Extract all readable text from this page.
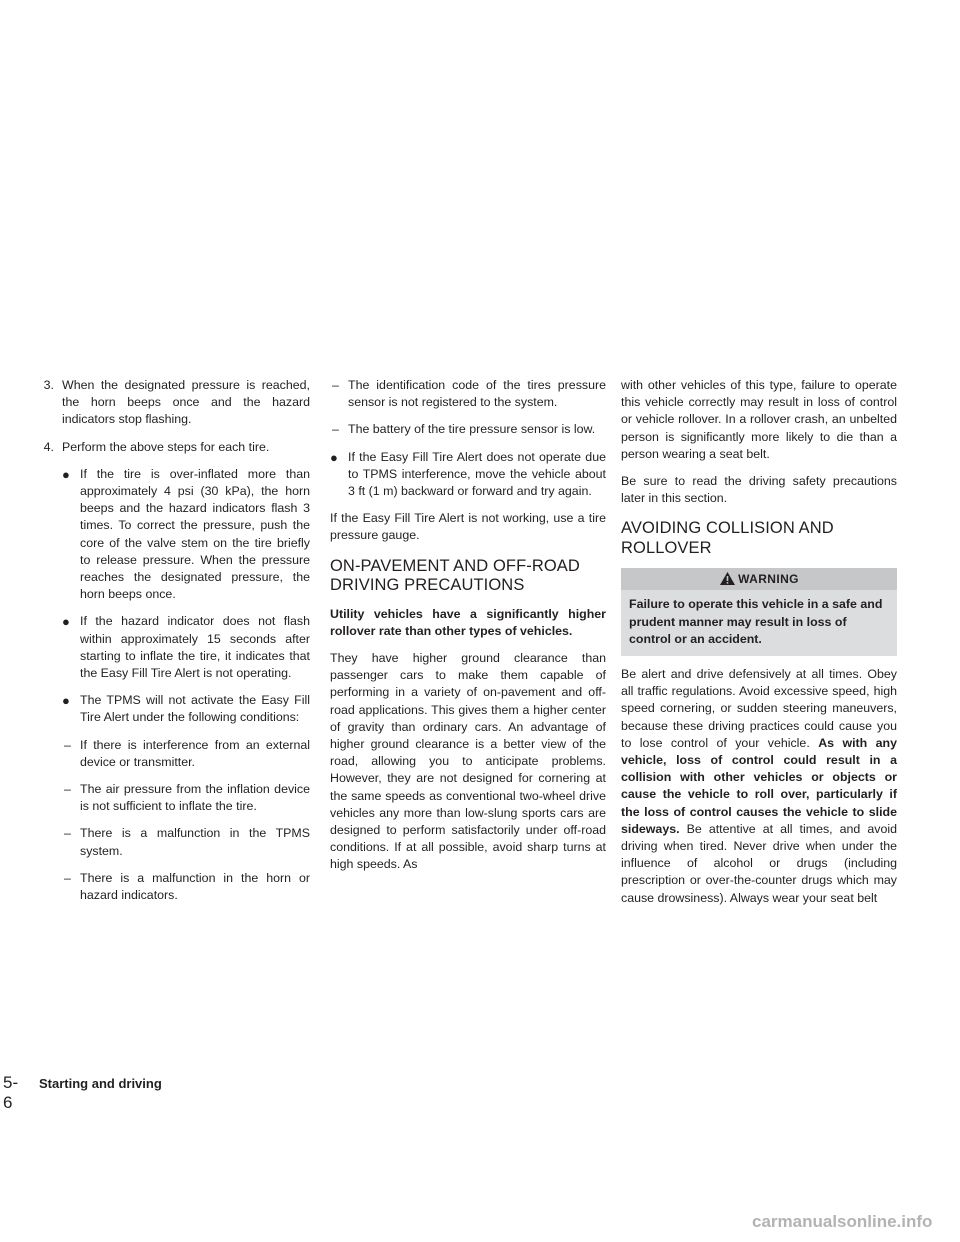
3. When the designated pressure is reached, the horn beeps once and the hazard indicators stop flashing.
4. Perform the above steps for each tire.
● If the tire is over-inflated more than approximately 4 psi (30 kPa), the horn beeps and the hazard indicators flash 3 times. To correct the pressure, push the core of the valve stem on the tire briefly to release pressure. When the pressure reaches the designated pressure, the horn beeps once.
● If the hazard indicator does not flash within approximately 15 seconds after starting to inflate the tire, it indicates that the Easy Fill Tire Alert is not operating.
● The TPMS will not activate the Easy Fill Tire Alert under the following conditions:
– If there is interference from an external device or transmitter.
– The air pressure from the inflation device is not sufficient to inflate the tire.
– There is a malfunction in the TPMS system.
– There is a malfunction in the horn or hazard indicators.
– The identification code of the tires pressure sensor is not registered to the system.
– The battery of the tire pressure sensor is low.
● If the Easy Fill Tire Alert does not operate due to TPMS interference, move the vehicle about 3 ft (1 m) backward or forward and try again.

If the Easy Fill Tire Alert is not working, use a tire pressure gauge.

ON-PAVEMENT AND OFF-ROAD DRIVING PRECAUTIONS

Utility vehicles have a significantly higher rollover rate than other types of vehicles.

They have higher ground clearance than passenger cars to make them capable of performing in a variety of on-pavement and off-road applications. This gives them a higher center of gravity than ordinary cars. An advantage of higher ground clearance is a better view of the road, allowing you to anticipate problems. However, they are not designed for cornering at the same speeds as conventional two-wheel drive vehicles any more than low-slung sports cars are designed to perform satisfactorily under off-road conditions. If at all possible, avoid sharp turns at high speeds. As

with other vehicles of this type, failure to operate this vehicle correctly may result in loss of control or vehicle rollover. In a rollover crash, an unbelted person is significantly more likely to die than a person wearing a seat belt.

Be sure to read the driving safety precautions later in this section.

AVOIDING COLLISION AND ROLLOVER
WARNING
Failure to operate this vehicle in a safe and prudent manner may result in loss of control or an accident.

Be alert and drive defensively at all times. Obey all traffic regulations. Avoid excessive speed, high speed cornering, or sudden steering maneuvers, because these driving practices could cause you to lose control of your vehicle. As with any vehicle, loss of control could result in a collision with other vehicles or objects or cause the vehicle to roll over, particularly if the loss of control causes the vehicle to slide sideways. Be attentive at all times, and avoid driving when tired. Never drive when under the influence of alcohol or drugs (including prescription or over-the-counter drugs which may cause drowsiness). Always wear your seat belt

5-6
Starting and driving
carmanualsonline.info
